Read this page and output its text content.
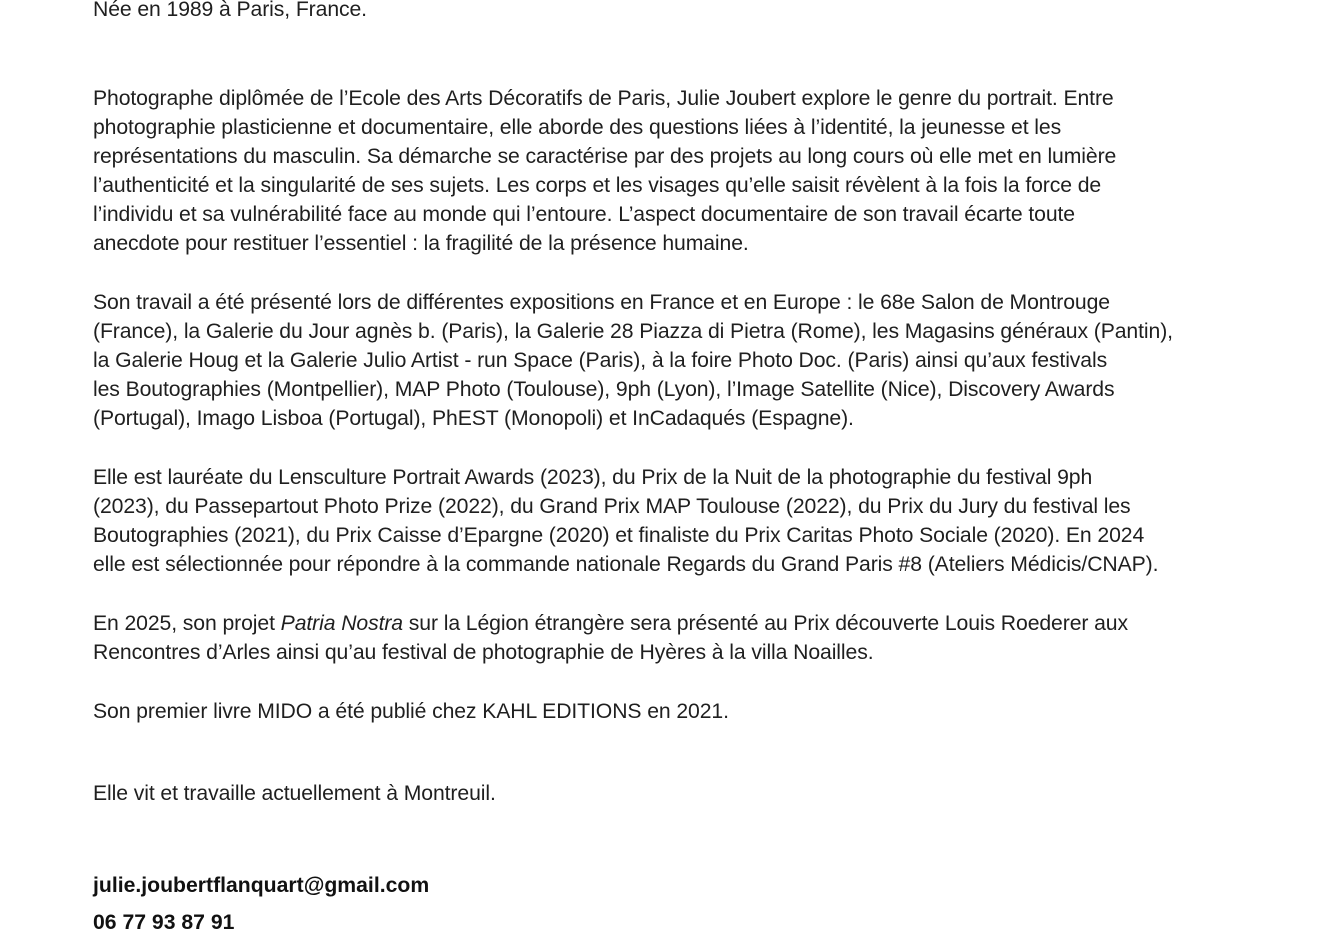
Née en 1989 à Paris, France.
Photographe diplômée de l’Ecole des Arts Décoratifs de Paris, Julie Joubert explore le genre du portrait. Entre
photographie plasticienne et documentaire, elle aborde des questions liées à l’identité, la jeunesse et les
représentations du masculin. Sa démarche se caractérise par des projets au long cours où elle met en lumière
l’authenticité et la singularité de ses sujets. Les corps et les visages qu’elle saisit révèlent à la fois la force de
l’individu et sa vulnérabilité face au monde qui l’entoure. L’aspect documentaire de son travail écarte toute
anecdote pour restituer l’essentiel : la fragilité de la présence humaine.
Son travail a été présenté lors de différentes expositions en France et en Europe : le 68e Salon de Montrouge
(France), la Galerie du Jour agnès b. (Paris), la Galerie 28 Piazza di Pietra (Rome), les Magasins généraux (Pantin),
la Galerie Houg et la Galerie Julio Artist - run Space (Paris), à la foire Photo Doc. (Paris) ainsi qu’aux festivals
les Boutographies (Montpellier), MAP Photo (Toulouse), 9ph (Lyon), l’Image Satellite (Nice), Discovery Awards
(Portugal), Imago Lisboa (Portugal), PhEST (Monopoli) et InCadaqués (Espagne).
Elle est lauréate du Lensculture Portrait Awards (2023), du Prix de la Nuit de la photographie du festival 9ph
(2023), du Passepartout Photo Prize (2022), du Grand Prix MAP Toulouse (2022), du Prix du Jury du festival les
Boutographies (2021), du Prix Caisse d’Epargne (2020) et finaliste du Prix Caritas Photo Sociale (2020). En 2024
elle est sélectionnée pour répondre à la commande nationale Regards du Grand Paris #8 (Ateliers Médicis/CNAP).
En 2025, son projet Patria Nostra sur la Légion étrangère sera présenté au Prix découverte Louis Roederer aux
Rencontres d’Arles ainsi qu’au festival de photographie de Hyères à la villa Noailles.
Son premier livre MIDO a été publié chez KAHL EDITIONS en 2021.
Elle vit et travaille actuellement à Montreuil.
julie.joubertflanquart@gmail.com
06 77 93 87 91
